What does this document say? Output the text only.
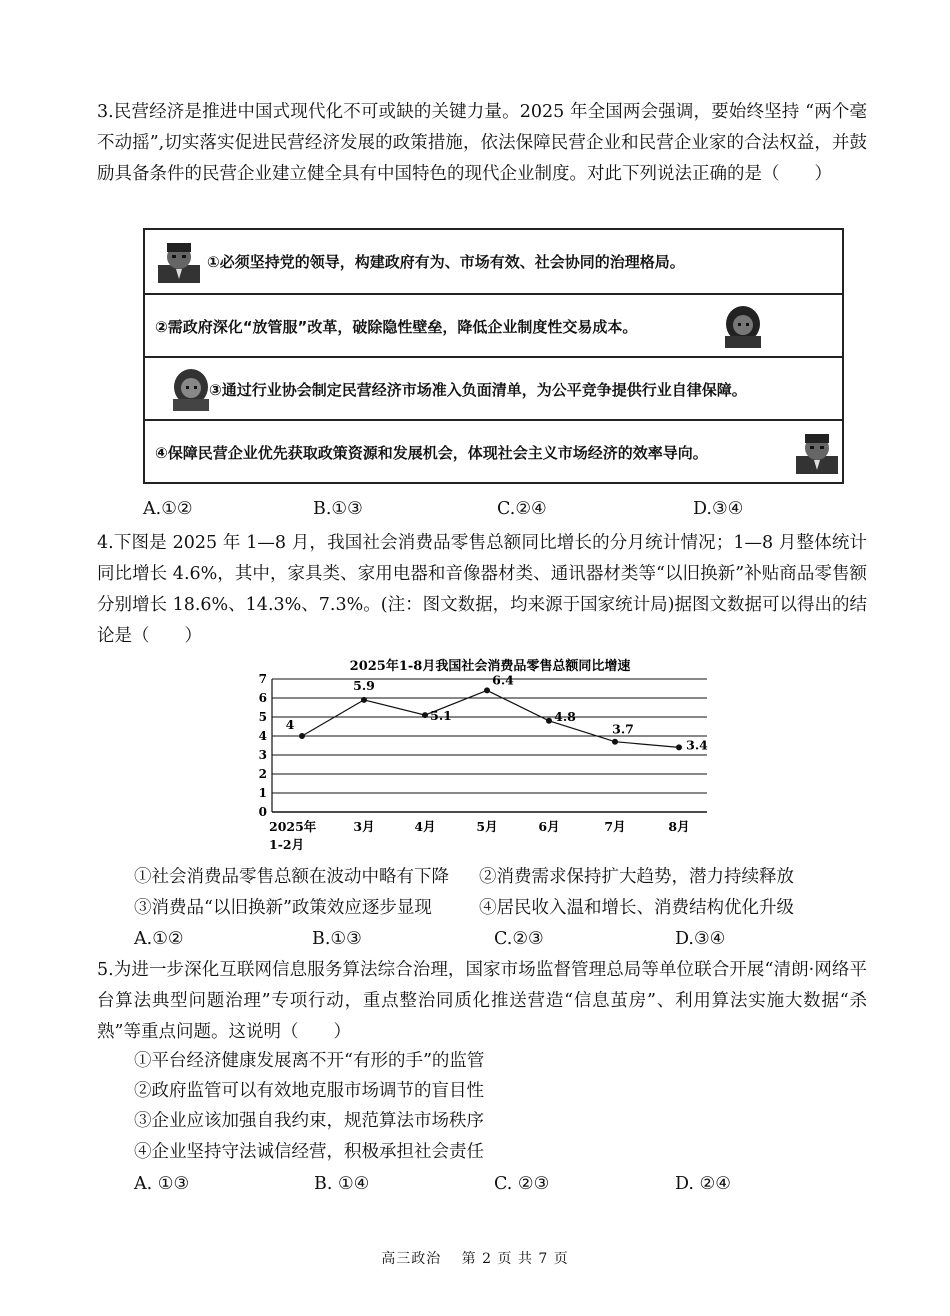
3.民营经济是推进中国式现代化不可或缺的关键力量。2025 年全国两会强调，要始终坚持 “两个毫不动摇”,切实落实促进民营经济发展的政策措施，依法保障民营企业和民营企业家的合法权益，并鼓励具备条件的民营企业建立健全具有中国特色的现代企业制度。对此下列说法正确的是（　　）

①必须坚持党的领导，构建政府有为、市场有效、社会协同的治理格局。
②需政府深化“放管服”改革，破除隐性壁垒，降低企业制度性交易成本。
③通过行业协会制定民营经济市场准入负面清单，为公平竞争提供行业自律保障。
④保障民营企业优先获取政策资源和发展机会，体现社会主义市场经济的效率导向。
A.①②	B.①③	C.②④	D.③④

4.下图是 2025 年 1—8 月，我国社会消费品零售总额同比增长的分月统计情况；1—8 月整体统计同比增长 4.6%，其中，家具类、家用电器和音像器材类、通讯器材类等“以旧换新”补贴商品零售额分别增长 18.6%、14.3%、7.3%。(注：图文数据，均来源于国家统计局)据图文数据可以得出的结论是（　　）

2025年1-8月我国社会消费品零售总额同比增速
0
1
2
3
4
5
6
7
2025年
1-2月
3月	4月	5月	6月	7月	8月
4
5.9
5.1
6.4
4.8
3.7
3.4
①社会消费品零售总额在波动中略有下降 ②消费需求保持扩大趋势，潜力持续释放
③消费品“以旧换新”政策效应逐步显现	④居民收入温和增长、消费结构优化升级
A.①②	B.①③	C.②③	D.③④

5.为进一步深化互联网信息服务算法综合治理，国家市场监督管理总局等单位联合开展“清朗·网络平台算法典型问题治理”专项行动，重点整治同质化推送营造“信息茧房”、利用算法实施大数据“杀熟”等重点问题。这说明（　　）

①平台经济健康发展离不开“有形的手”的监管
②政府监管可以有效地克服市场调节的盲目性
③企业应该加强自我约束，规范算法市场秩序
④企业坚持守法诚信经营，积极承担社会责任
A. ①③	B. ①④	C. ②③	D. ②④
高三政治　 第 2 页 共 7 页
